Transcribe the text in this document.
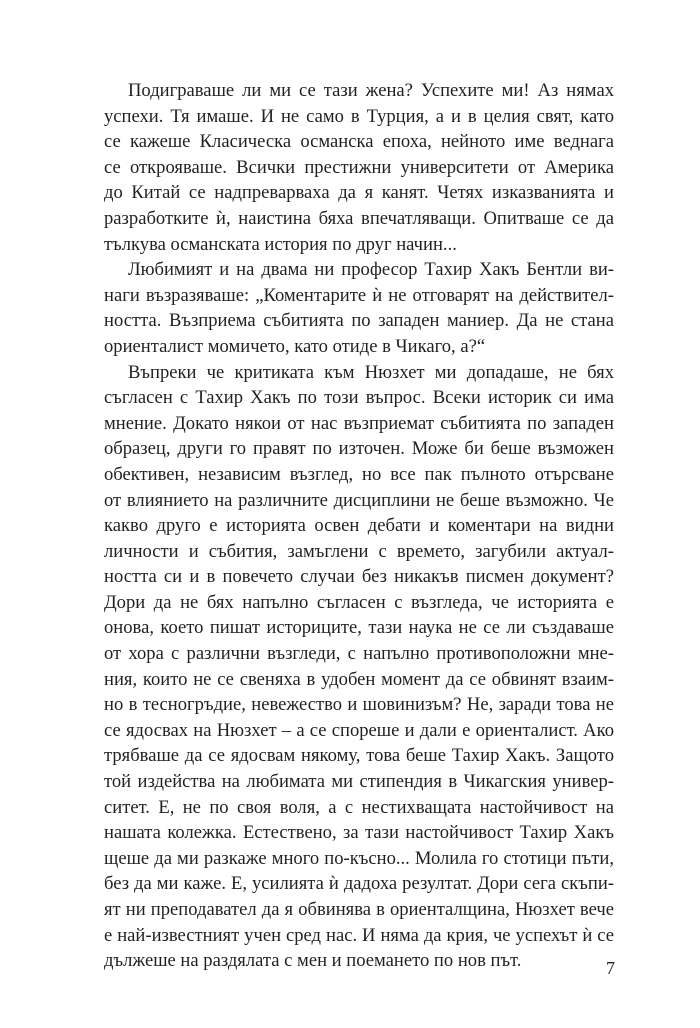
Подиграваше ли ми се тази жена? Успехите ми! Аз нямах
успехи. Тя имаше. И не само в Турция, а и в целия свят, като
се кажеше Класическа османска епоха, нейното име веднага
се открояваше. Всички престижни университети от Америка
до Китай се надпреварваха да я канят. Четях изказванията и
разработките ѝ, наистина бяха впечатляващи. Опитваше се да
тълкува османската история по друг начин...
Любимият и на двама ни професор Тахир Хакъ Бентли ви-
наги възразяваше: „Коментарите ѝ не отговарят на действител-
ността. Възприема събитията по западен маниер. Да не стана
ориенталист момичето, като отиде в Чикаго, а?“
Въпреки че критиката към Нюзхет ми допадаше, не бях
съгласен с Тахир Хакъ по този въпрос. Всеки историк си има
мнение. Докато някои от нас възприемат събитията по западен
образец, други го правят по източен. Може би беше възможен
обективен, независим възглед, но все пак пълното отърсване
от влиянието на различните дисциплини не беше възможно. Че
какво друго е историята освен дебати и коментари на видни
личности и събития, замъглени с времето, загубили актуал-
ността си и в повечето случаи без никакъв писмен документ?
Дори да не бях напълно съгласен с възгледа, че историята е
онова, което пишат историците, тази наука не се ли създаваше
от хора с различни възгледи, с напълно противоположни мне-
ния, които не се свеняха в удобен момент да се обвинят взаим-
но в тесногръдие, невежество и шовинизъм? Не, заради това не
се ядосвах на Нюзхет – а се спореше и дали е ориенталист. Ако
трябваше да се ядосвам някому, това беше Тахир Хакъ. Защото
той издейства на любимата ми стипендия в Чикагския универ-
ситет. Е, не по своя воля, а с нестихващата настойчивост на
нашата колежка. Естествено, за тази настойчивост Тахир Хакъ
щеше да ми разкаже много по-късно... Молила го стотици пъти,
без да ми каже. Е, усилията ѝ дадоха резултат. Дори сега скъпи-
ят ни преподавател да я обвинява в ориенталщина, Нюзхет вече
е най-известният учен сред нас. И няма да крия, че успехът ѝ се
дължеше на раздялата с мен и поемането по нов път.	7
